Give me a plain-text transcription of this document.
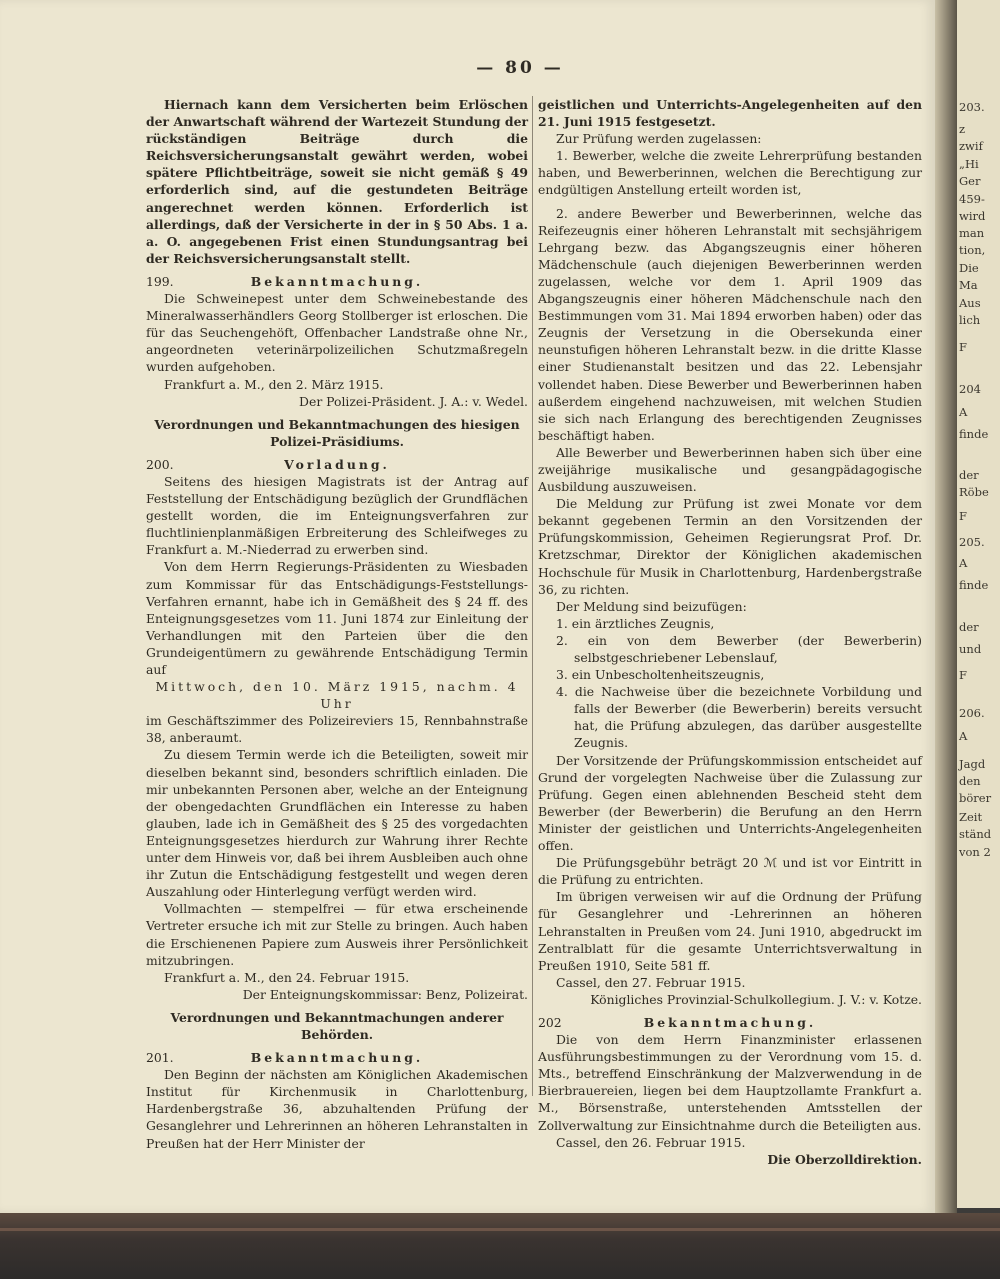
— 80 —

Hiernach kann dem Versicherten beim Erlöschen der Anwartschaft während der Wartezeit Stundung der rückständigen Beiträge durch die Reichsversicherungsanstalt gewährt werden, wobei spätere Pflichtbeiträge, soweit sie nicht gemäß § 49 erforderlich sind, auf die gestundeten Beiträge angerechnet werden können. Erforderlich ist allerdings, daß der Versicherte in der in § 50 Abs. 1 a. a. O. angegebenen Frist einen Stundungsantrag bei der Reichsversicherungsanstalt stellt.

199.	Bekanntmachung.

Die Schweinepest unter dem Schweinebestande des Mineralwasserhändlers Georg Stollberger ist erloschen. Die für das Seuchengehöft, Offenbacher Landstraße ohne Nr., angeordneten veterinärpolizeilichen Schutzmaßregeln wurden aufgehoben.

Frankfurt a. M., den 2. März 1915.

Der Polizei-Präsident. J. A.: v. Wedel.

Verordnungen und Bekanntmachungen des hiesigen Polizei-Präsidiums.

200.	Vorladung.

Seitens des hiesigen Magistrats ist der Antrag auf Feststellung der Entschädigung bezüglich der Grundflächen gestellt worden, die im Enteignungsverfahren zur fluchtlinienplanmäßigen Erbreiterung des Schleifweges zu Frankfurt a. M.-Niederrad zu erwerben sind.

Von dem Herrn Regierungs-Präsidenten zu Wiesbaden zum Kommissar für das Entschädigungs-Feststellungs-Verfahren ernannt, habe ich in Gemäßheit des § 24 ff. des Enteignungsgesetzes vom 11. Juni 1874 zur Einleitung der Verhandlungen mit den Parteien über die den Grundeigentümern zu gewährende Entschädigung Termin auf

Mittwoch, den 10. März 1915, nachm. 4 Uhr

im Geschäftszimmer des Polizeireviers 15, Rennbahnstraße 38, anberaumt.

Zu diesem Termin werde ich die Beteiligten, soweit mir dieselben bekannt sind, besonders schriftlich einladen. Die mir unbekannten Personen aber, welche an der Enteignung der obengedachten Grundflächen ein Interesse zu haben glauben, lade ich in Gemäßheit des § 25 des vorgedachten Enteignungsgesetzes hierdurch zur Wahrung ihrer Rechte unter dem Hinweis vor, daß bei ihrem Ausbleiben auch ohne ihr Zutun die Entschädigung festgestellt und wegen deren Auszahlung oder Hinterlegung verfügt werden wird.

Vollmachten — stempelfrei — für etwa erscheinende Vertreter ersuche ich mit zur Stelle zu bringen. Auch haben die Erschienenen Papiere zum Ausweis ihrer Persönlichkeit mitzubringen.

Frankfurt a. M., den 24. Februar 1915.

Der Enteignungskommissar: Benz, Polizeirat.

Verordnungen und Bekanntmachungen anderer Behörden.

201.	Bekanntmachung.

Den Beginn der nächsten am Königlichen Akademischen Institut für Kirchenmusik in Charlottenburg, Hardenbergstraße 36, abzuhaltenden Prüfung der Gesanglehrer und Lehrerinnen an höheren Lehranstalten in Preußen hat der Herr Minister der

geistlichen und Unterrichts-Angelegenheiten auf den 21. Juni 1915 festgesetzt.

Zur Prüfung werden zugelassen:

1. Bewerber, welche die zweite Lehrerprüfung bestanden haben, und Bewerberinnen, welchen die Berechtigung zur endgültigen Anstellung erteilt worden ist,

2. andere Bewerber und Bewerberinnen, welche das Reifezeugnis einer höheren Lehranstalt mit sechsjährigem Lehrgang bezw. das Abgangszeugnis einer höheren Mädchenschule (auch diejenigen Bewerberinnen werden zugelassen, welche vor dem 1. April 1909 das Abgangszeugnis einer höheren Mädchenschule nach den Bestimmungen vom 31. Mai 1894 erworben haben) oder das Zeugnis der Versetzung in die Obersekunda einer neunstufigen höheren Lehranstalt bezw. in die dritte Klasse einer Studienanstalt besitzen und das 22. Lebensjahr vollendet haben. Diese Bewerber und Bewerberinnen haben außerdem eingehend nachzuweisen, mit welchen Studien sie sich nach Erlangung des berechtigenden Zeugnisses beschäftigt haben.

Alle Bewerber und Bewerberinnen haben sich über eine zweijährige musikalische und gesangpädagogische Ausbildung auszuweisen.

Die Meldung zur Prüfung ist zwei Monate vor dem bekannt gegebenen Termin an den Vorsitzenden der Prüfungskommission, Geheimen Regierungsrat Prof. Dr. Kretzschmar, Direktor der Königlichen akademischen Hochschule für Musik in Charlottenburg, Hardenbergstraße 36, zu richten.

Der Meldung sind beizufügen:

1. ein ärztliches Zeugnis,

2. ein von dem Bewerber (der Bewerberin) selbstgeschriebener Lebenslauf,

3. ein Unbescholtenheitszeugnis,

4. die Nachweise über die bezeichnete Vorbildung und falls der Bewerber (die Bewerberin) bereits versucht hat, die Prüfung abzulegen, das darüber ausgestellte Zeugnis.

Der Vorsitzende der Prüfungskommission entscheidet auf Grund der vorgelegten Nachweise über die Zulassung zur Prüfung. Gegen einen ablehnenden Bescheid steht dem Bewerber (der Bewerberin) die Berufung an den Herrn Minister der geistlichen und Unterrichts-Angelegenheiten offen.

Die Prüfungsgebühr beträgt 20 ℳ und ist vor Eintritt in die Prüfung zu entrichten.

Im übrigen verweisen wir auf die Ordnung der Prüfung für Gesanglehrer und -Lehrerinnen an höheren Lehranstalten in Preußen vom 24. Juni 1910, abgedruckt im Zentralblatt für die gesamte Unterrichtsverwaltung in Preußen 1910, Seite 581 ff.

Cassel, den 27. Februar 1915.

Königliches Provinzial-Schulkollegium. J. V.: v. Kotze.

202	Bekanntmachung.

Die von dem Herrn Finanzminister erlassenen Ausführungsbestimmungen zu der Verordnung vom 15. d. Mts., betreffend Einschränkung der Malzverwendung in de Bierbrauereien, liegen bei dem Hauptzollamte Frankfurt a. M., Börsenstraße, unterstehenden Amtsstellen der Zollverwaltung zur Einsichtnahme durch die Beteiligten aus.

Cassel, den 26. Februar 1915.

Die Oberzolldirektion.

203.
z
zwif
„Hi
Ger
459-
wird
man
tion,
Die
Ma
Aus
lich
F
204
A
finde
der
Röbe
F
205.
A
finde
der
und
F
206.
A
Jagd
den
börer
Zeit
ständ
von 2
